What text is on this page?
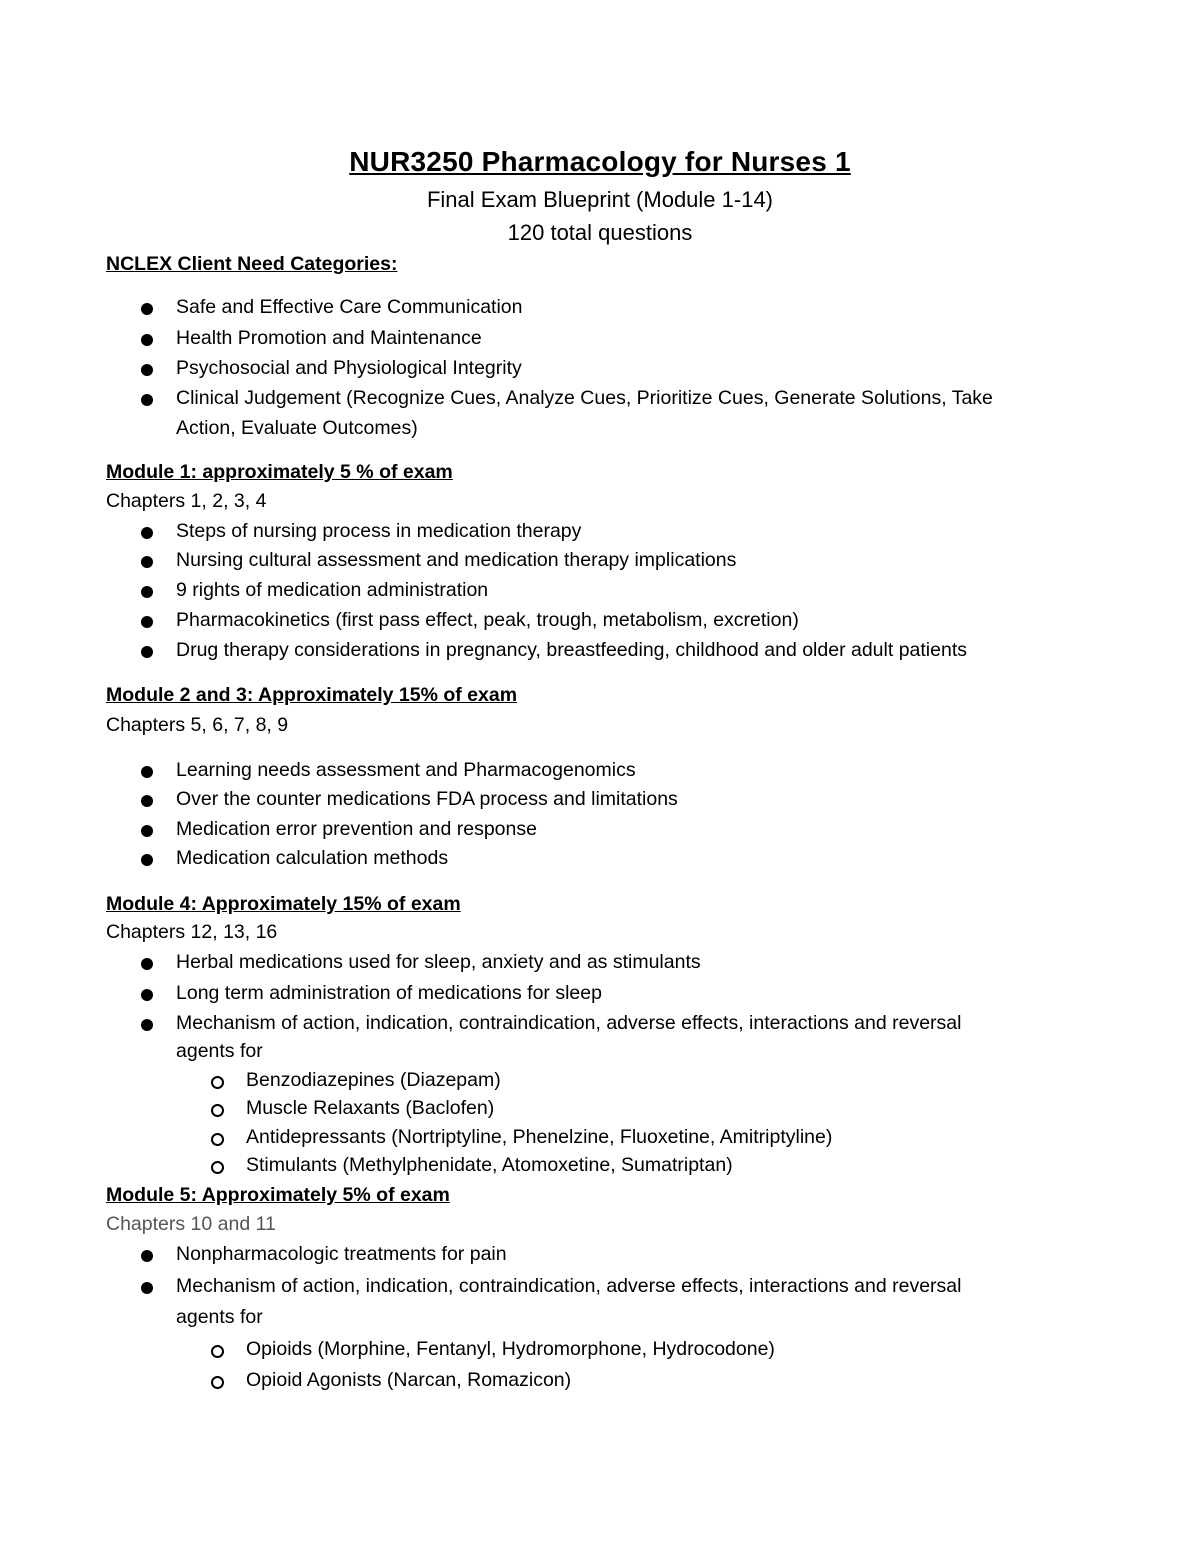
NUR3250 Pharmacology for Nurses 1
Final Exam Blueprint (Module 1-14)
120 total questions
NCLEX Client Need Categories:
Safe and Effective Care Communication
Health Promotion and Maintenance
Psychosocial and Physiological Integrity
Clinical Judgement (Recognize Cues, Analyze Cues, Prioritize Cues, Generate Solutions, Take
Action, Evaluate Outcomes)
Module 1: approximately 5 % of exam
Chapters 1, 2, 3, 4
Steps of nursing process in medication therapy
Nursing cultural assessment and medication therapy implications
9 rights of medication administration
Pharmacokinetics (first pass effect, peak, trough, metabolism, excretion)
Drug therapy considerations in pregnancy, breastfeeding, childhood and older adult patients
Module 2 and 3: Approximately 15% of exam
Chapters 5, 6, 7, 8, 9
Learning needs assessment and Pharmacogenomics
Over the counter medications FDA process and limitations
Medication error prevention and response
Medication calculation methods
Module 4: Approximately 15% of exam
Chapters 12, 13, 16
Herbal medications used for sleep, anxiety and as stimulants
Long term administration of medications for sleep
Mechanism of action, indication, contraindication, adverse effects, interactions and reversal
agents for
Benzodiazepines (Diazepam)
Muscle Relaxants (Baclofen)
Antidepressants (Nortriptyline, Phenelzine, Fluoxetine, Amitriptyline)
Stimulants (Methylphenidate, Atomoxetine, Sumatriptan)
Module 5: Approximately 5% of exam
Chapters 10 and 11
Nonpharmacologic treatments for pain
Mechanism of action, indication, contraindication, adverse effects, interactions and reversal
agents for
Opioids (Morphine, Fentanyl, Hydromorphone, Hydrocodone)
Opioid Agonists (Narcan, Romazicon)
